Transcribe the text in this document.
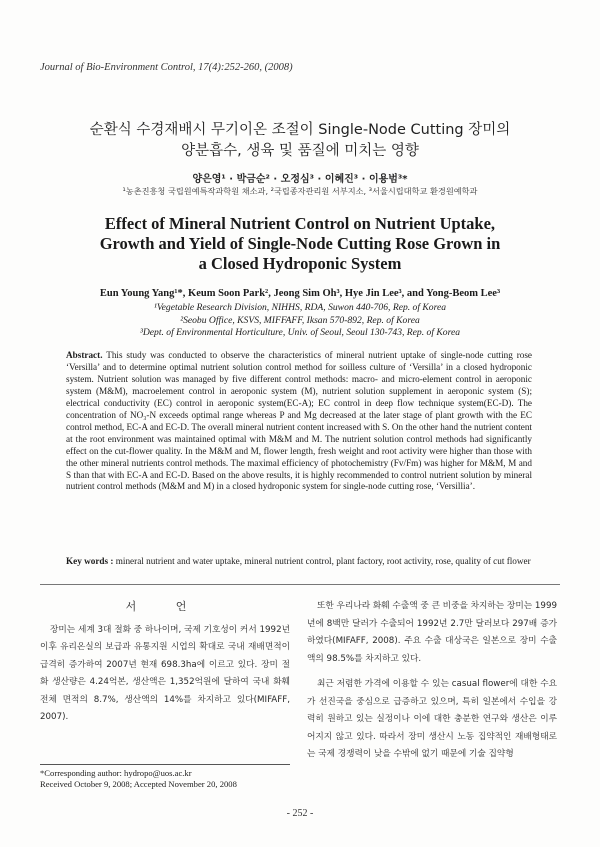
Journal of Bio-Environment Control, 17(4):252-260, (2008)
순환식 수경재배시 무기이온 조절이 Single-Node Cutting 장미의
양분흡수, 생육 및 품질에 미치는 영향
양은영¹ · 박금순² · 오정심³ · 이혜진³ · 이용범³*
¹농촌진흥청 국립원예특작과학원 채소과, ²국립종자관리원 서부지소, ³서울시립대학교 환경원예학과
Effect of Mineral Nutrient Control on Nutrient Uptake,
Growth and Yield of Single-Node Cutting Rose Grown in
a Closed Hydroponic System
Eun Young Yang¹*, Keum Soon Park², Jeong Sim Oh³, Hye Jin Lee³, and Yong-Beom Lee³
¹Vegetable Research Division, NIHHS, RDA, Suwon 440-706, Rep. of Korea
²Seobu Office, KSVS, MIFFAFF, Iksan 570-892, Rep. of Korea
³Dept. of Environmental Horticulture, Univ. of Seoul, Seoul 130-743, Rep. of Korea
Abstract. This study was conducted to observe the characteristics of mineral nutrient uptake of single-node cutting rose ‘Versilla’ and to determine optimal nutrient solution control method for soilless culture of ‘Versilla’ in a closed hydroponic system. Nutrient solution was managed by five different control methods: macro- and micro-element control in aeroponic system (M&M), macroelement control in aeroponic system (M), nutrient solution supplement in aeroponic system (S); electrical conductivity (EC) control in aeroponic system(EC-A); EC control in deep flow technique system(EC-D). The concentration of NO₃-N exceeds optimal range whereas P and Mg decreased at the later stage of plant growth with the EC control method, EC-A and EC-D. The overall mineral nutrient content increased with S. On the other hand the nutrient content at the root environment was maintained optimal with M&M and M. The nutrient solution control methods had significantly effect on the cut-flower quality. In the M&M and M, flower length, fresh weight and root activity were higher than those with the other mineral nutrients control methods. The maximal efficiency of photochemistry (Fv/Fm) was higher for M&M, M and S than that with EC-A and EC-D. Based on the above results, it is highly recommended to control nutrient solution by mineral nutrient control methods (M&M and M) in a closed hydroponic system for single-node cutting rose, ‘Versillia’.
Key words : mineral nutrient and water uptake, mineral nutrient control, plant factory, root activity, rose, quality of cut flower

서 언

장미는 세계 3대 절화 중 하나이며, 국제 기호성이 커서 1992년 이후 유리온실의 보급과 유통지원 시업의 확대로 국내 재배면적이 급격히 증가하여 2007년 현재 698.3ha에 이르고 있다. 장미 절화 생산량은 4.24억본, 생산액은 1,352억원에 달하여 국내 화훼 전체 면적의 8.7%, 생산액의 14%를 차지하고 있다(MIFAFF, 2007).

또한 우리나라 화훼 수출액 중 큰 비중을 차지하는 장미는 1999년에 8백만 달러가 수출되어 1992년 2.7만 달러보다 297배 증가하였다(MIFAFF, 2008). 주요 수출 대상국은 일본으로 장미 수출액의 98.5%를 차지하고 있다.

최근 저렴한 가격에 이용할 수 있는 casual flower에 대한 수요가 선진국을 중심으로 급증하고 있으며, 특히 일본에서 수입을 강력히 원하고 있는 실정이나 이에 대한 충분한 연구와 생산은 이루어지지 않고 있다. 따라서 장미 생산시 노동 집약적인 재배형태로는 국제 경쟁력이 낮을 수밖에 없기 때문에 기술 집약형

*Corresponding author: hydropo@uos.ac.kr
Received October 9, 2008; Accepted November 20, 2008
- 252 -
